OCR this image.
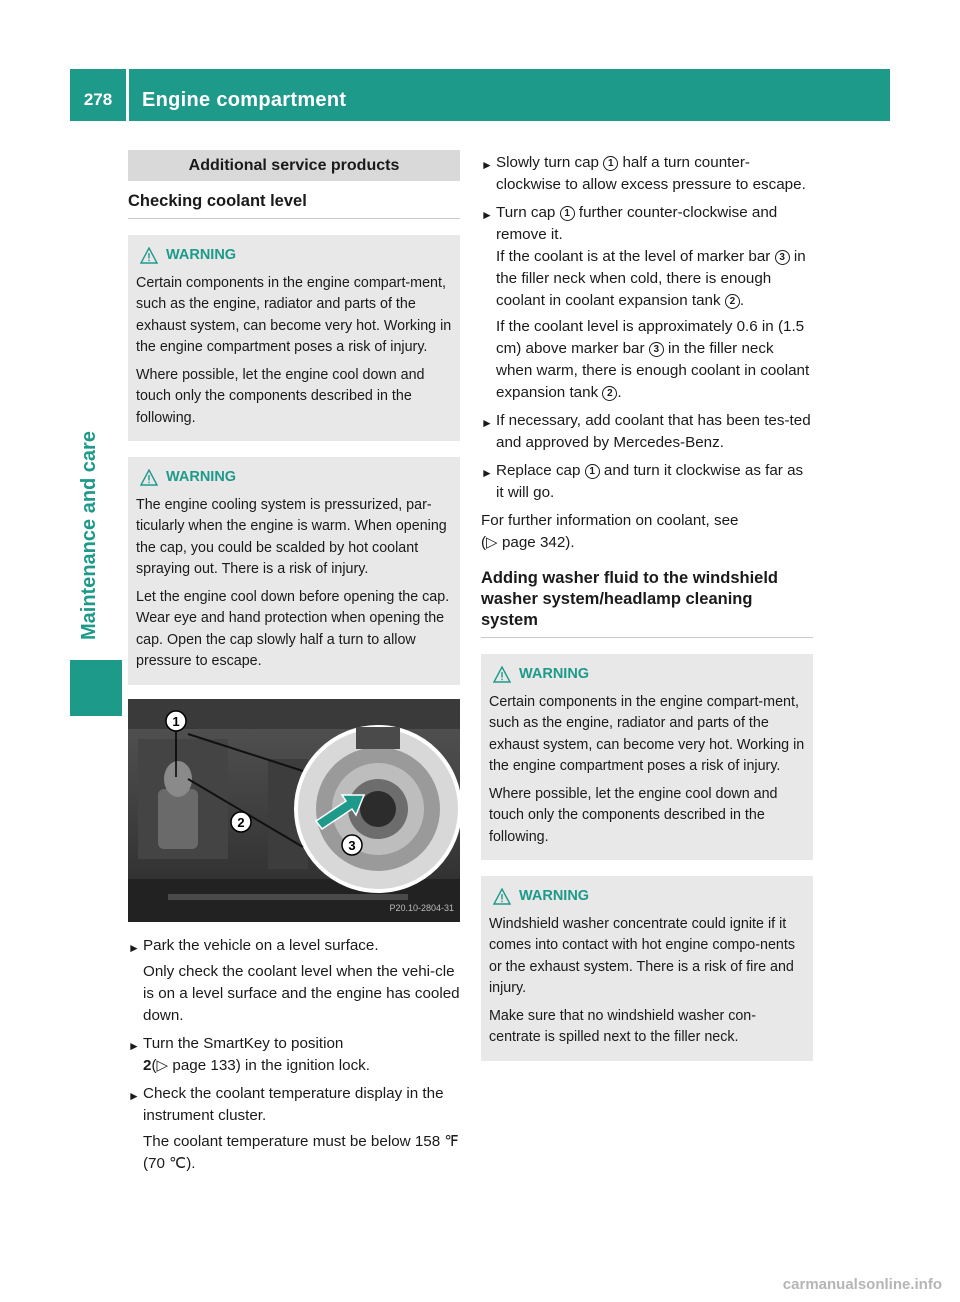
278	Engine compartment
Maintenance and care
Additional service products
Checking coolant level
WARNING

Certain components in the engine compart-ment, such as the engine, radiator and parts of the exhaust system, can become very hot. Working in the engine compartment poses a risk of injury.

Where possible, let the engine cool down and touch only the components described in the following.

WARNING

The engine cooling system is pressurized, par-ticularly when the engine is warm. When opening the cap, you could be scalded by hot coolant spraying out. There is a risk of injury.

Let the engine cool down before opening the cap. Wear eye and hand protection when opening the cap. Open the cap slowly half a turn to allow pressure to escape.

1
2
3
P20.10-2804-31
► Park the vehicle on a level surface.

Only check the coolant level when the vehi-cle is on a level surface and the engine has cooled down.

► Turn the SmartKey to position
2(▷ page 133) in the ignition lock.
► Check the coolant temperature display in the instrument cluster.

The coolant temperature must be below 158 ℉ (70 ℃).

► Slowly turn cap 1 half a turn counter-clockwise to allow excess pressure to escape.
► Turn cap 1 further counter-clockwise and remove it.
If the coolant is at the level of marker bar 3 in the filler neck when cold, there is enough coolant in coolant expansion tank 2 .

If the coolant level is approximately 0.6 in (1.5 cm) above marker bar 3 in the filler neck when warm, there is enough coolant in coolant expansion tank 2 .

► If necessary, add coolant that has been tes-ted and approved by Mercedes-Benz.
► Replace cap 1 and turn it clockwise as far as it will go.
For further information on coolant, see
(▷ page 342).
Adding washer fluid to the windshield washer system/headlamp cleaning system
WARNING

Certain components in the engine compart-ment, such as the engine, radiator and parts of the exhaust system, can become very hot. Working in the engine compartment poses a risk of injury.

Where possible, let the engine cool down and touch only the components described in the following.

WARNING

Windshield washer concentrate could ignite if it comes into contact with hot engine compo-nents or the exhaust system. There is a risk of fire and injury.

Make sure that no windshield washer con-centrate is spilled next to the filler neck.

carmanualsonline.info
